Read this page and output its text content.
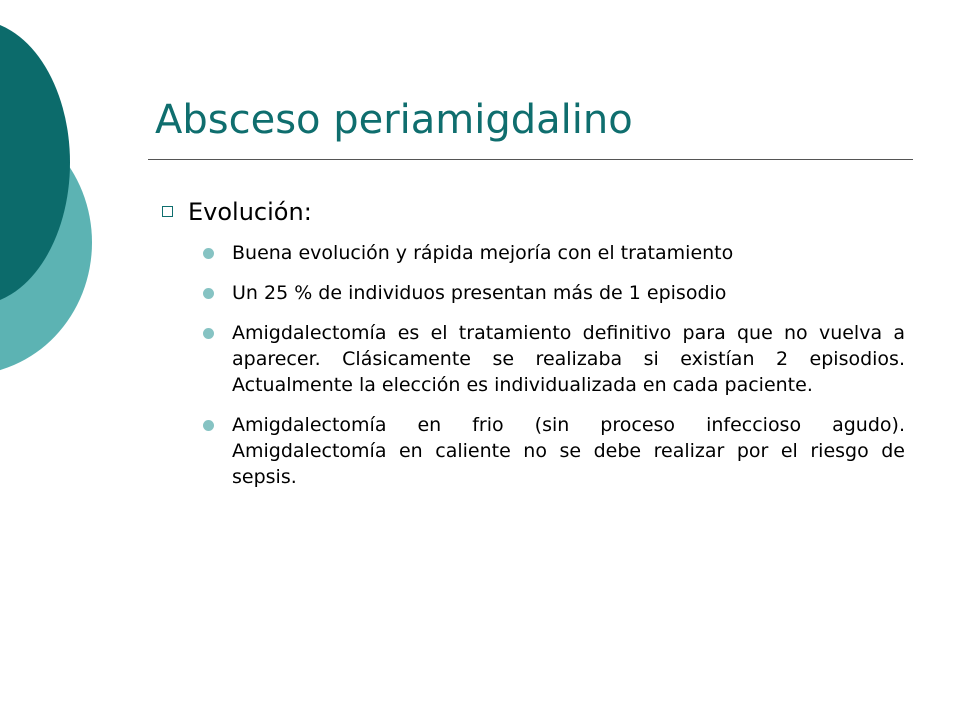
Absceso periamigdalino
Evolución:
Buena evolución y rápida mejoría con el tratamiento
Un 25 % de individuos presentan más de 1 episodio
Amigdalectomía es el tratamiento definitivo para que no vuelva a aparecer. Clásicamente se realizaba si existían 2 episodios. Actualmente la elección es individualizada en cada paciente.
Amigdalectomía en frio (sin proceso infeccioso agudo). Amigdalectomía en caliente no se debe realizar por el riesgo de sepsis.
